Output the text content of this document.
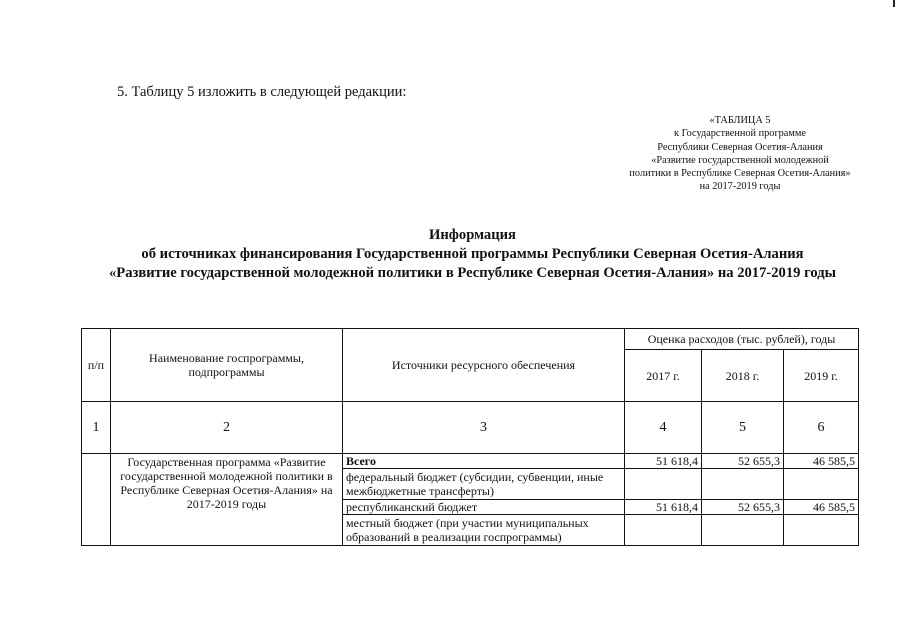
5. Таблицу 5 изложить в следующей редакции:
«ТАБЛИЦА 5
к Государственной программе
Республики Северная Осетия-Алания
«Развитие государственной молодежной
политики в Республике Северная Осетия-Алания»
на 2017-2019 годы
Информация
об источниках финансирования Государственной программы Республики Северная Осетия-Алания
«Развитие государственной молодежной политики в Республике Северная Осетия-Алания» на 2017-2019 годы
п/п	Наименование госпрограммы, подпрограммы	Источники ресурсного обеспечения	Оценка расходов (тыс. рублей), годы		
			2017 г.	2018 г.	2019 г.
1	2	3	4	5	6
	Государственная программа «Развитие государственной молодежной политики в Республике Северная Осетия-Алания» на 2017-2019 годы	Всего	51 618,4	52 655,3	46 585,5
		федеральный бюджет (субсидии, субвенции, иные межбюджетные трансферты)			
		республиканский бюджет	51 618,4	52 655,3	46 585,5
		местный бюджет (при участии муниципальных образований в реализации госпрограммы)			
